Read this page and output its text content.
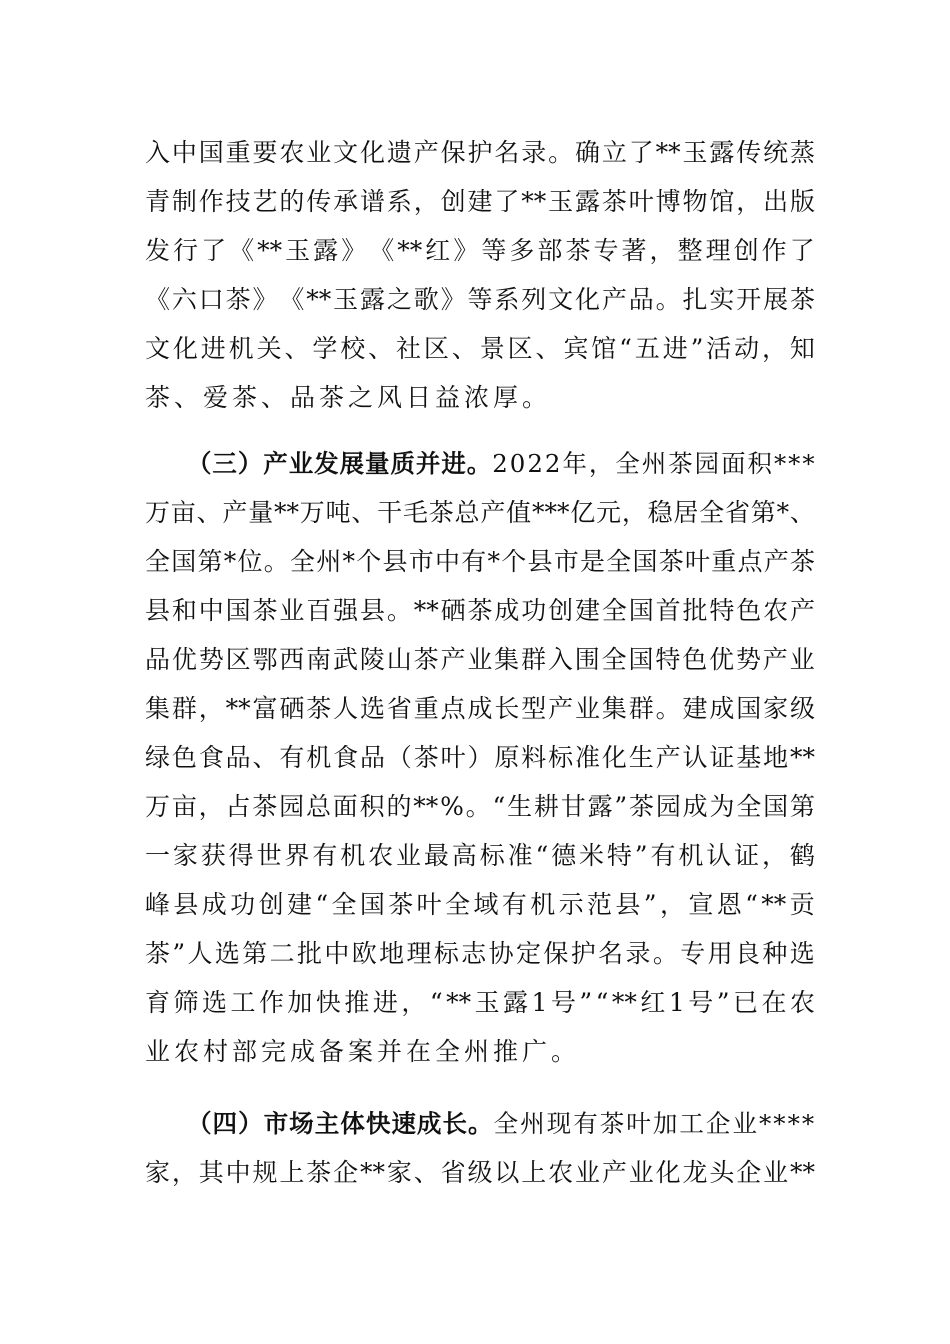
入 中 国 重 要 农 业 文 化 遗 产 保 护 名 录 。 确 立 了 ** 玉 露 传 统 蒸
青 制 作 技 艺 的 传 承 谱 系 ， 创 建 了 ** 玉 露 茶 叶 博 物 馆 ， 出 版
发 行 了 《 ** 玉 露 》 《 ** 红 》 等 多 部 茶 专 著 ， 整 理 创 作 了
《 六 口 茶 》 《 ** 玉 露 之 歌 》 等 系 列 文 化 产 品 。 扎 实 开 展 茶
文 化 进 机 关 、 学 校 、 社 区 、 景 区 、 宾 馆 “ 五 进 ” 活 动 ， 知
茶、爱茶、品茶之风日益浓厚。
（三）产业发展量质并进。 2022年，全州茶园面积***
万 亩 、 产 量 ** 万 吨 、 干 毛 茶 总 产 值 *** 亿 元 ， 稳 居 全 省 第 * 、
全 国 第 * 位 。 全 州 * 个 县 市 中 有 * 个 县 市 是 全 国 茶 叶 重 点 产 茶
县 和 中 国 茶 业 百 强 县 。 ** 硒 茶 成 功 创 建 全 国 首 批 特 色 农 产
品 优 势 区 鄂 西 南 武 陵 山 茶 产 业 集 群 入 围 全 国 特 色 优 势 产 业
集 群 ， ** 富 硒 茶 人 选 省 重 点 成 长 型 产 业 集 群 。 建 成 国 家 级
绿 色 食 品 、 有 机 食 品 （ 茶 叶 ） 原 料 标 准 化 生 产 认 证 基 地 **
万 亩 ， 占 茶 园 总 面 积 的 ** % 。 “ 生 耕 甘 露 ” 茶 园 成 为 全 国 第
一 家 获 得 世 界 有 机 农 业 最 高 标 准 “ 德 米 特 ” 有 机 认 证 ， 鹤
峰 县 成 功 创 建 “ 全 国 茶 叶 全 域 有 机 示 范 县 ” ， 宣 恩 “ ** 贡
茶 ” 人 选 第 二 批 中 欧 地 理 标 志 协 定 保 护 名 录 。 专 用 良 种 选
育 筛 选 工 作 加 快 推 进 ， “ ** 玉 露 1 号 ” “ ** 红 1 号 ” 已 在 农
业农村部完成备案并在全州推广。
（四）市场主体快速成长。 全州现有茶叶加工企业****
家 ， 其 中 规 上 茶 企 ** 家 、 省 级 以 上 农 业 产 业 化 龙 头 企 业 **
